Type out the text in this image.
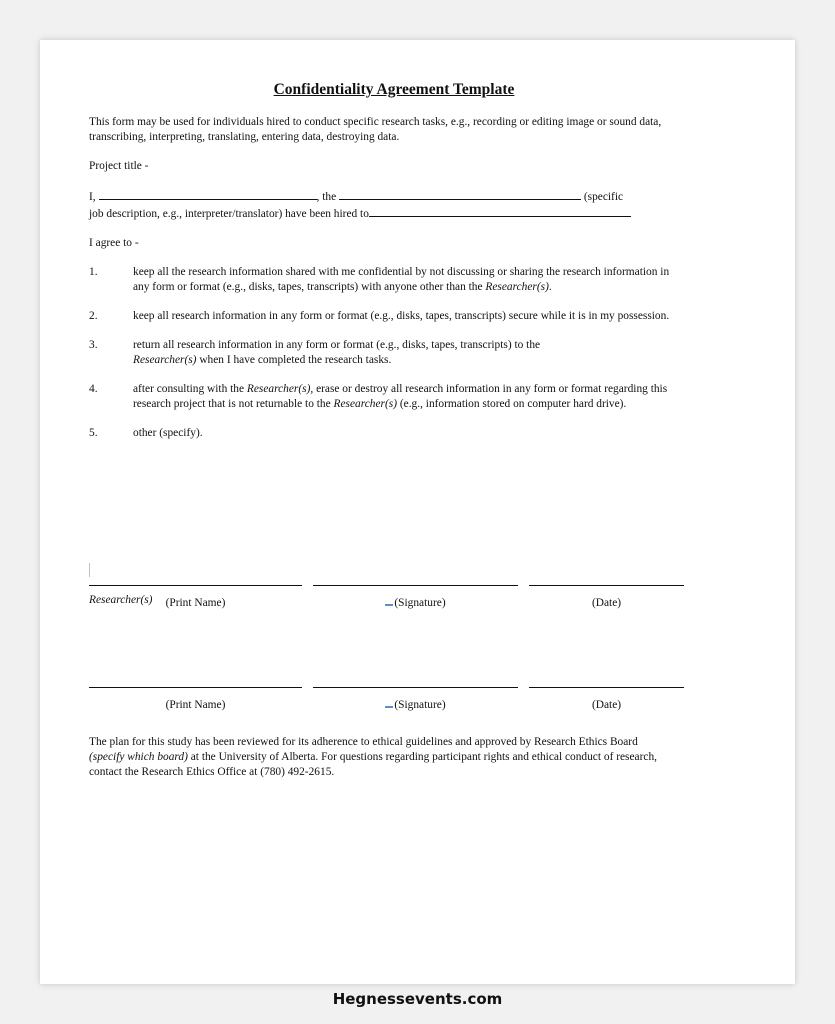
Confidentiality Agreement Template

This form may be used for individuals hired to conduct specific research tasks, e.g., recording or editing image or sound data, transcribing, interpreting, translating, entering data, destroying data.

Project title -

I,	, the	(specific
job description, e.g., interpreter/translator) have been hired to

I agree to -

1.	keep all the research information shared with me confidential by not discussing or sharing the research information in any form or format (e.g., disks, tapes, transcripts) with anyone other than the Researcher(s).
2.	keep all research information in any form or format (e.g., disks, tapes, transcripts) secure while it is in my possession.
3.	return all research information in any form or format (e.g., disks, tapes, transcripts) to the
Researcher(s) when I have completed the research tasks.
4.	after consulting with the Researcher(s), erase or destroy all research information in any form or format regarding this research project that is not returnable to the Researcher(s) (e.g., information stored on computer hard drive).
5.	other (specify).
(Print Name)	(Signature)	(Date)
Researcher(s)
(Print Name)	(Signature)	(Date)
The plan for this study has been reviewed for its adherence to ethical guidelines and approved by Research Ethics Board (specify which board) at the University of Alberta. For questions regarding participant rights and ethical conduct of research, contact the Research Ethics Office at (780) 492-2615.
Hegnessevents.com
